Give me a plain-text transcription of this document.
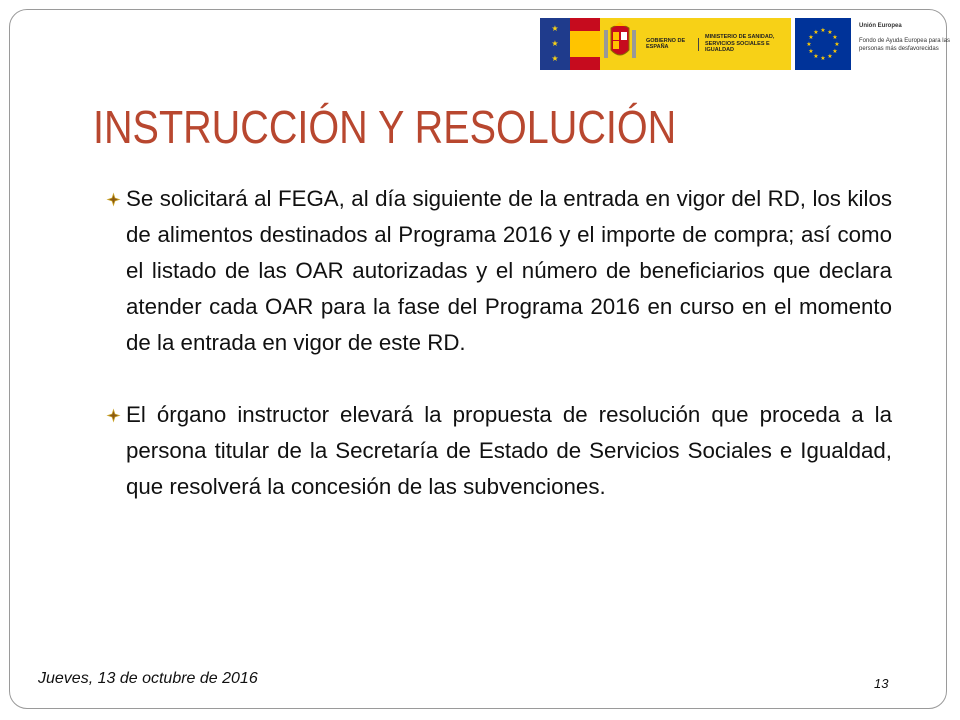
★
★
★
GOBIERNO DE ESPAÑA
MINISTERIO DE SANIDAD, SERVICIOS SOCIALES E IGUALDAD
★ ★
★
★
★
★
★
★
★
★
★
★
Unión Europea
Fondo de Ayuda Europea para las personas más desfavorecidas
INSTRUCCIÓN Y RESOLUCIÓN

Se solicitará al FEGA, al día siguiente de la entrada en vigor del RD, los kilos de alimentos destinados al Programa 2016 y el importe de compra; así como el listado de las OAR autorizadas y el número de beneficiarios que declara atender cada OAR para la fase del Programa 2016 en curso en el momento de la entrada en vigor de este RD.

El órgano instructor elevará la propuesta de resolución que proceda a la persona titular de la Secretaría de Estado de Servicios Sociales e Igualdad, que resolverá la concesión de las subvenciones.

Jueves, 13 de octubre de 2016	13
